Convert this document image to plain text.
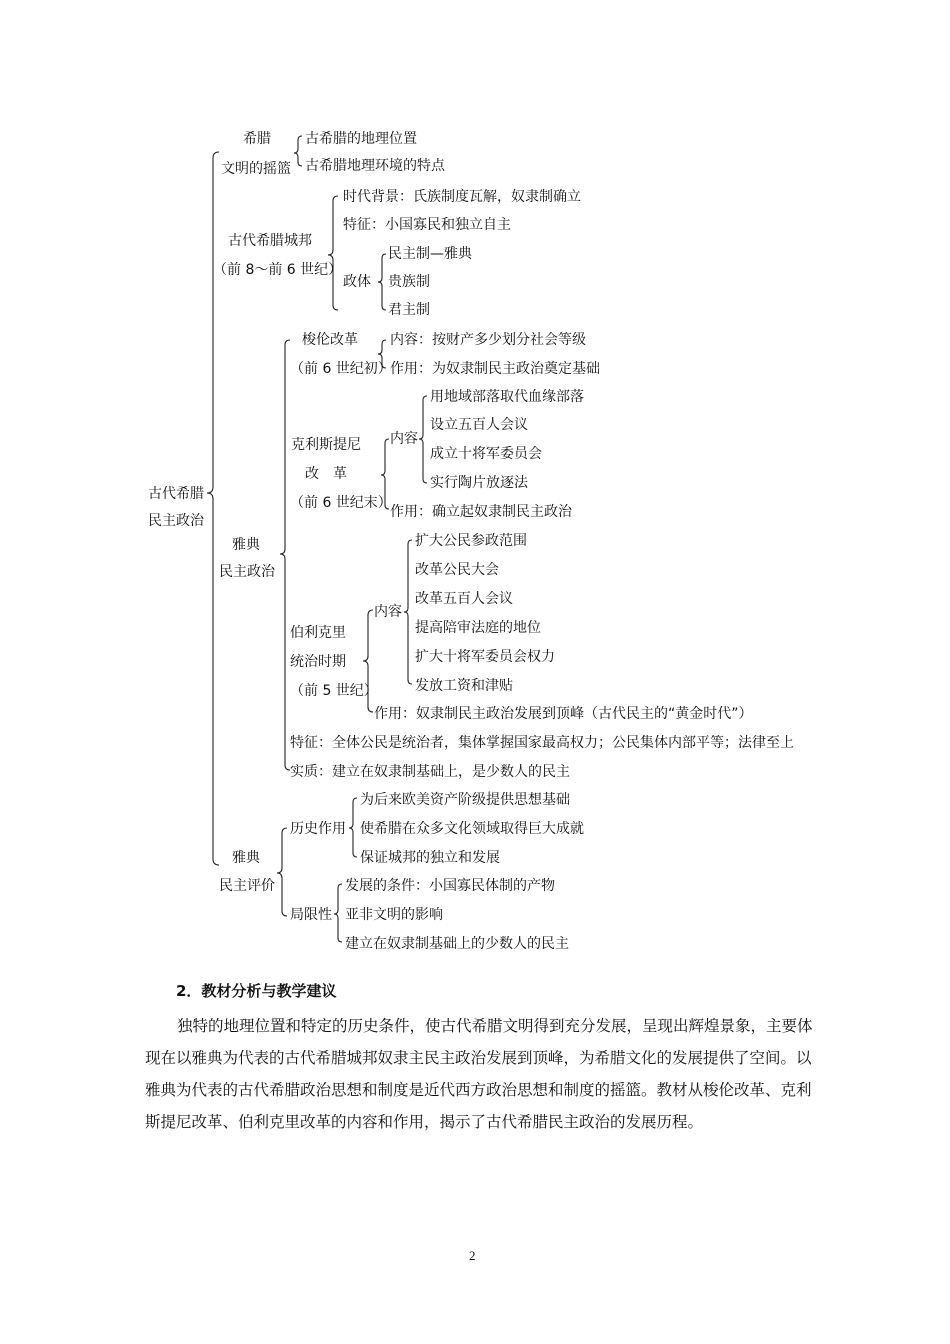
古代希腊
民主政治
希腊
文明的摇篮
古希腊的地理位置
古希腊地理环境的特点
古代希腊城邦
（前 8～前 6 世纪）
时代背景：氏族制度瓦解，奴隶制确立
特征：小国寡民和独立自主
政体
民主制—雅典
贵族制
君主制
雅典
民主政治
梭伦改革
（前 6 世纪初）
内容：按财产多少划分社会等级
作用：为奴隶制民主政治奠定基础
克利斯提尼
改　革
（前 6 世纪末）
内容
用地域部落取代血缘部落
设立五百人会议
成立十将军委员会
实行陶片放逐法
作用：确立起奴隶制民主政治
伯利克里
统治时期
（前 5 世纪）
内容
扩大公民参政范围
改革公民大会
改革五百人会议
提高陪审法庭的地位
扩大十将军委员会权力
发放工资和津贴
作用：奴隶制民主政治发展到顶峰（古代民主的“黄金时代”）
特征：全体公民是统治者，集体掌握国家最高权力；公民集体内部平等；法律至上
实质：建立在奴隶制基础上，是少数人的民主
雅典
民主评价
历史作用
为后来欧美资产阶级提供思想基础
使希腊在众多文化领域取得巨大成就
保证城邦的独立和发展
局限性
发展的条件：小国寡民体制的产物
亚非文明的影响
建立在奴隶制基础上的少数人的民主
2．教材分析与教学建议

独特的地理位置和特定的历史条件，使古代希腊文明得到充分发展，呈现出辉煌景象，主要体现在以雅典为代表的古代希腊城邦奴隶主民主政治发展到顶峰，为希腊文化的发展提供了空间。以雅典为代表的古代希腊政治思想和制度是近代西方政治思想和制度的摇篮。教材从梭伦改革、克利斯提尼改革、伯利克里改革的内容和作用，揭示了古代希腊民主政治的发展历程。

2
